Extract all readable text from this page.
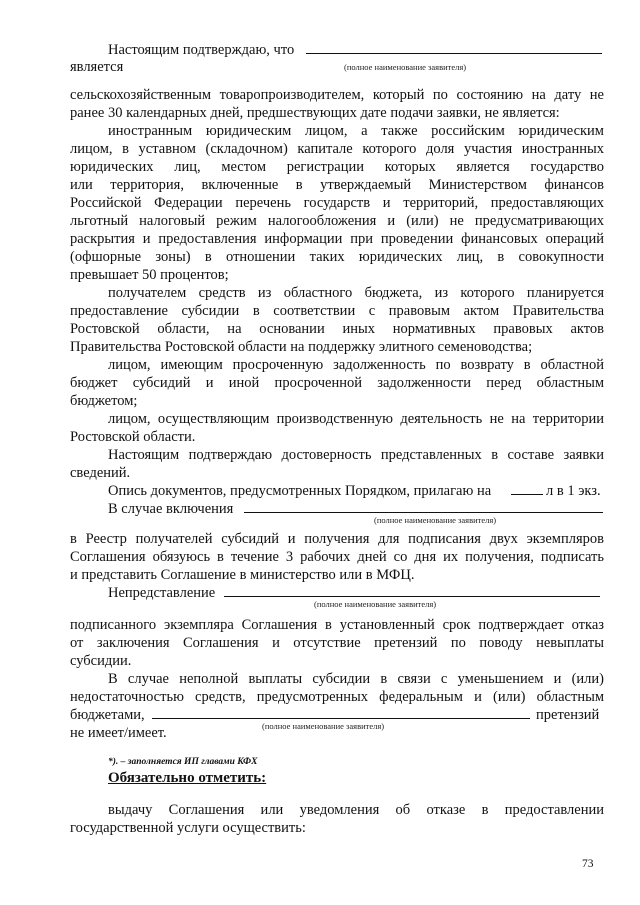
Настоящим подтверждаю, что
является	(полное наименование заявителя)
сельскохозяйственным товаропроизводителем, который по состоянию на дату не
ранее 30 календарных дней, предшествующих дате подачи заявки, не является:
иностранным юридическим лицом, а также российским юридическим
лицом, в уставном (складочном) капитале которого доля участия иностранных
юридических лиц, местом регистрации которых является государство
или территория, включенные в утверждаемый Министерством финансов
Российской Федерации перечень государств и территорий, предоставляющих
льготный налоговый режим налогообложения и (или) не предусматривающих
раскрытия и предоставления информации при проведении финансовых операций
(офшорные зоны) в отношении таких юридических лиц, в совокупности
превышает 50 процентов;
получателем средств из областного бюджета, из которого планируется
предоставление субсидии в соответствии с правовым актом Правительства
Ростовской области, на основании иных нормативных правовых актов
Правительства Ростовской области на поддержку элитного семеноводства;
лицом, имеющим просроченную задолженность по возврату в областной
бюджет субсидий и иной просроченной задолженности перед областным
бюджетом;
лицом, осуществляющим производственную деятельность не на территории
Ростовской области.
Настоящим подтверждаю достоверность представленных в составе заявки
сведений.
Опись документов, предусмотренных Порядком, прилагаю на	л в 1 экз.
В случае включения
(полное наименование заявителя)
в Реестр получателей субсидий и получения для подписания двух экземпляров
Соглашения обязуюсь в течение 3 рабочих дней со дня их получения, подписать
и представить Соглашение в министерство или в МФЦ.
Непредставление
(полное наименование заявителя)
подписанного экземпляра Соглашения в установленный срок подтверждает отказ
от заключения Соглашения и отсутствие претензий по поводу невыплаты
субсидии.
В случае неполной выплаты субсидии в связи с уменьшением и (или)
недостаточностью средств, предусмотренных федеральным и (или) областным
бюджетами,	претензий
(полное наименование заявителя)
не имеет/имеет.
*). – заполняется ИП главами КФХ
Обязательно отметить:
выдачу Соглашения или уведомления об отказе в предоставлении
государственной услуги осуществить:
73
